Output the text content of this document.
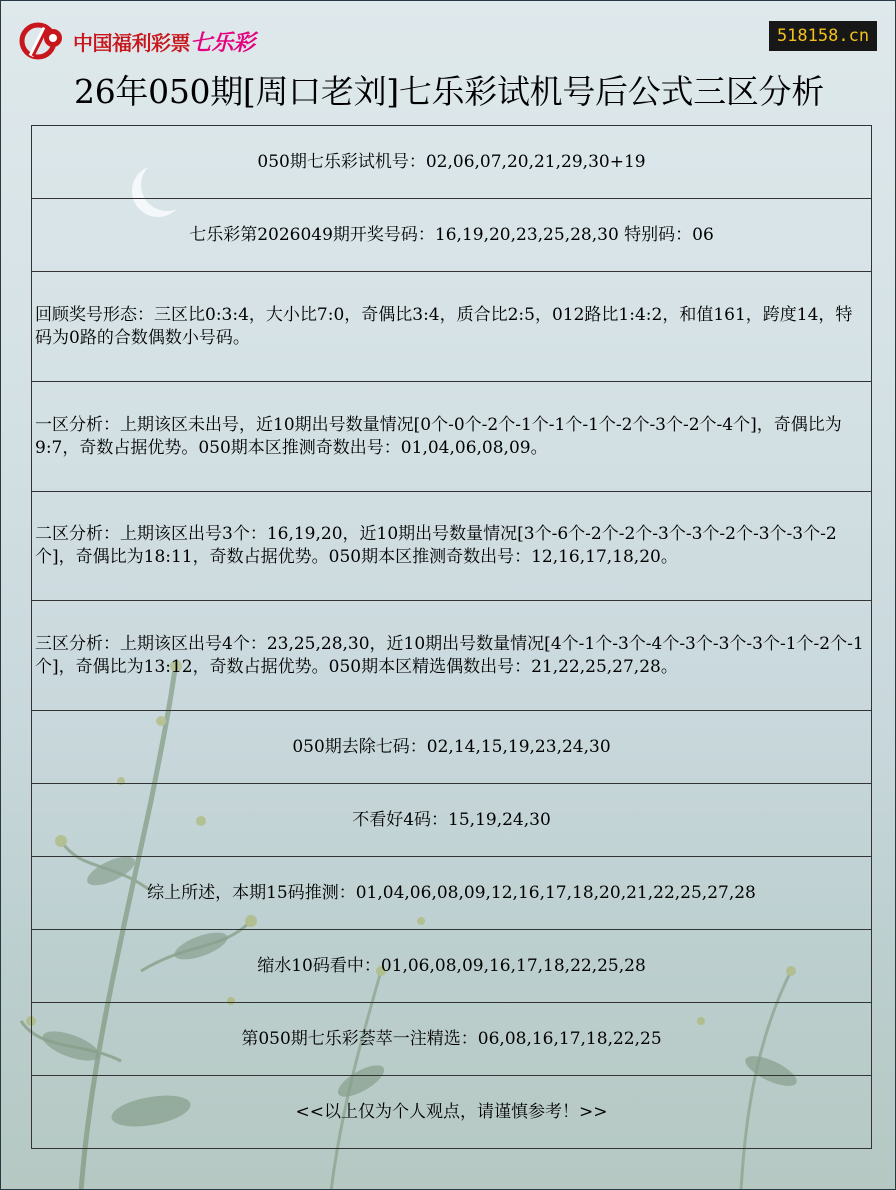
中国福利彩票七乐彩	518158.cn
26年050期[周口老刘]七乐彩试机号后公式三区分析
050期七乐彩试机号：02,06,07,20,21,29,30+19
七乐彩第2026049期开奖号码：16,19,20,23,25,28,30 特别码：06
回顾奖号形态：三区比0:3:4，大小比7:0，奇偶比3:4，质合比2:5，012路比1:4:2，和值161，跨度14，特码为0路的合数偶数小号码。
一区分析：上期该区未出号，近10期出号数量情况[0个-0个-2个-1个-1个-1个-2个-3个-2个-4个]，奇偶比为9:7，奇数占据优势。050期本区推测奇数出号：01,04,06,08,09。
二区分析：上期该区出号3个：16,19,20，近10期出号数量情况[3个-6个-2个-2个-3个-3个-2个-3个-3个-2个]，奇偶比为18:11，奇数占据优势。050期本区推测奇数出号：12,16,17,18,20。
三区分析：上期该区出号4个：23,25,28,30，近10期出号数量情况[4个-1个-3个-4个-3个-3个-3个-1个-2个-1个]，奇偶比为13:12，奇数占据优势。050期本区精选偶数出号：21,22,25,27,28。
050期去除七码：02,14,15,19,23,24,30
不看好4码：15,19,24,30
综上所述，本期15码推测：01,04,06,08,09,12,16,17,18,20,21,22,25,27,28
缩水10码看中：01,06,08,09,16,17,18,22,25,28
第050期七乐彩荟萃一注精选：06,08,16,17,18,22,25
<<以上仅为个人观点，请谨慎参考！>>
